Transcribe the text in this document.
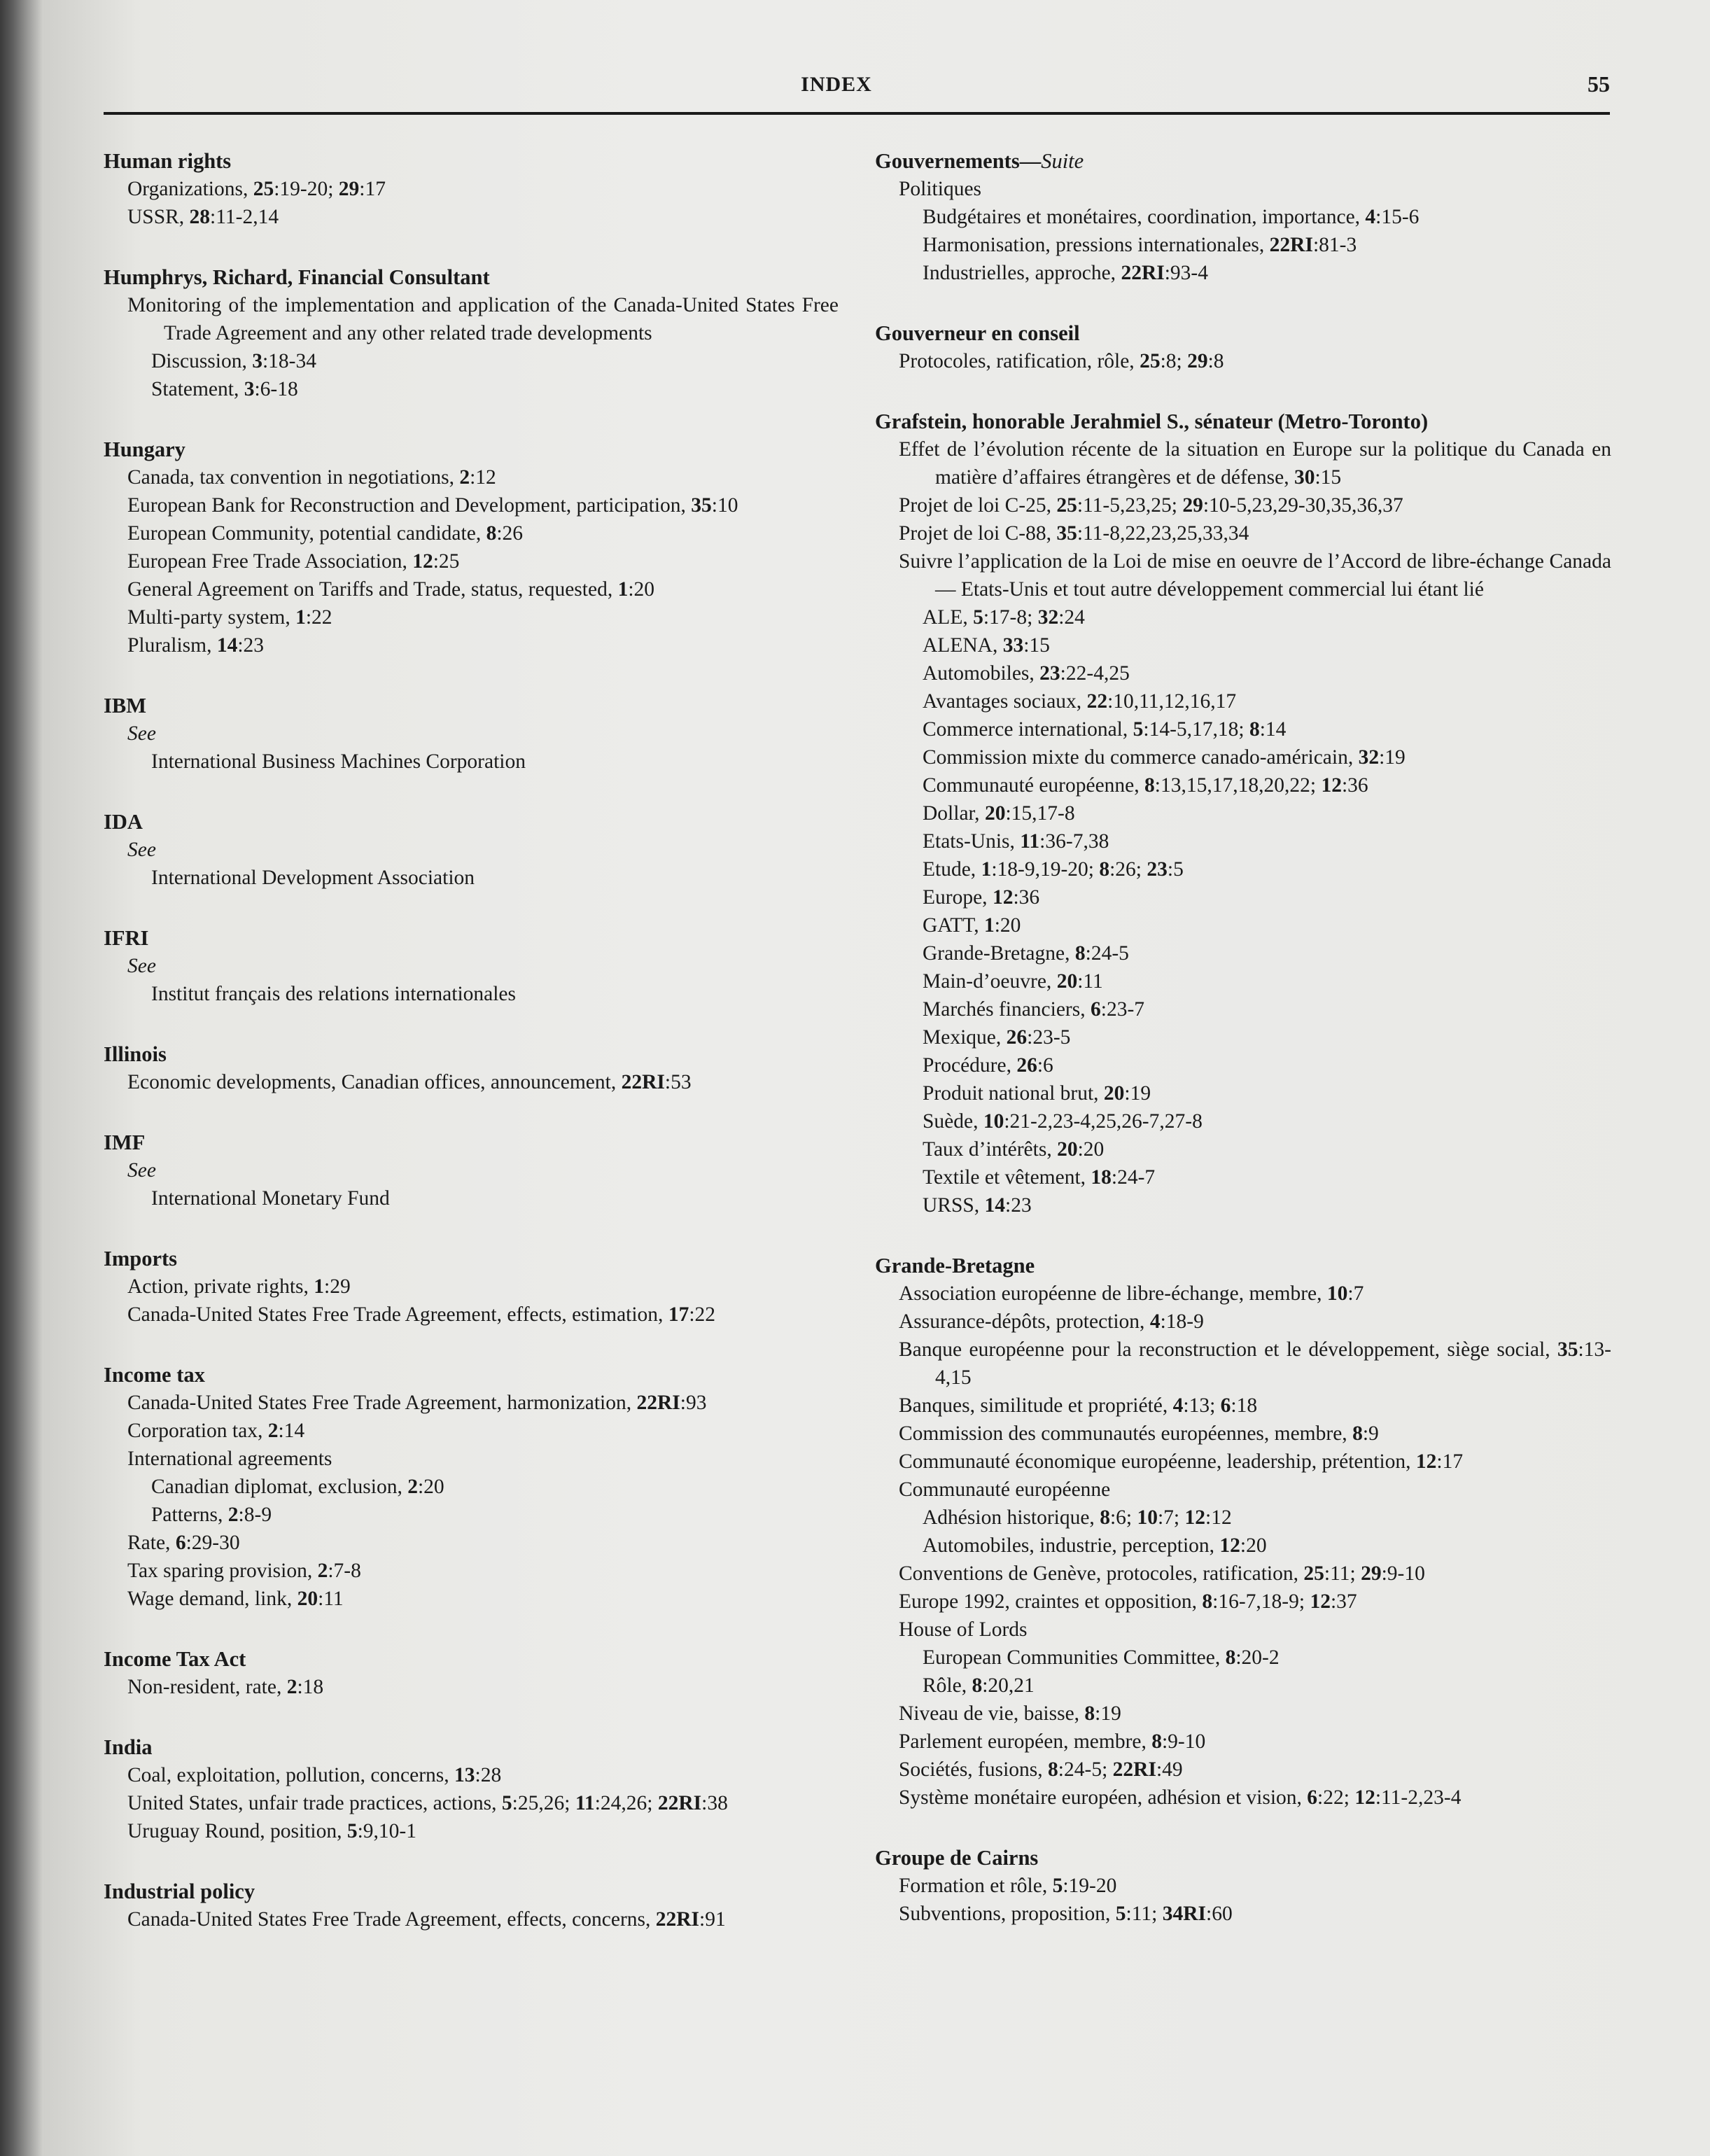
INDEX	55
Human rights
Organizations, 25:19-20; 29:17
USSR, 28:11-2,14
Humphrys, Richard, Financial Consultant
Monitoring of the implementation and application of the Canada-United States Free Trade Agreement and any other related trade developments
Discussion, 3:18-34
Statement, 3:6-18
Hungary
Canada, tax convention in negotiations, 2:12
European Bank for Reconstruction and Development, participation, 35:10
European Community, potential candidate, 8:26
European Free Trade Association, 12:25
General Agreement on Tariffs and Trade, status, requested, 1:20
Multi-party system, 1:22
Pluralism, 14:23
IBM
See
International Business Machines Corporation
IDA
See
International Development Association
IFRI
See
Institut français des relations internationales
Illinois
Economic developments, Canadian offices, announcement, 22RI:53
IMF
See
International Monetary Fund
Imports
Action, private rights, 1:29
Canada-United States Free Trade Agreement, effects, estimation, 17:22
Income tax
Canada-United States Free Trade Agreement, harmonization, 22RI:93
Corporation tax, 2:14
International agreements
Canadian diplomat, exclusion, 2:20
Patterns, 2:8-9
Rate, 6:29-30
Tax sparing provision, 2:7-8
Wage demand, link, 20:11
Income Tax Act
Non-resident, rate, 2:18
India
Coal, exploitation, pollution, concerns, 13:28
United States, unfair trade practices, actions, 5:25,26; 11:24,26; 22RI:38
Uruguay Round, position, 5:9,10-1
Industrial policy
Canada-United States Free Trade Agreement, effects, concerns, 22RI:91
Gouvernements—Suite
Politiques
Budgétaires et monétaires, coordination, importance, 4:15-6
Harmonisation, pressions internationales, 22RI:81-3
Industrielles, approche, 22RI:93-4
Gouverneur en conseil
Protocoles, ratification, rôle, 25:8; 29:8
Grafstein, honorable Jerahmiel S., sénateur (Metro-Toronto)
Effet de l’évolution récente de la situation en Europe sur la politique du Canada en matière d’affaires étrangères et de défense, 30:15
Projet de loi C-25, 25:11-5,23,25; 29:10-5,23,29-30,35,36,37
Projet de loi C-88, 35:11-8,22,23,25,33,34
Suivre l’application de la Loi de mise en oeuvre de l’Accord de libre-échange Canada — Etats-Unis et tout autre développement commercial lui étant lié
ALE, 5:17-8; 32:24
ALENA, 33:15
Automobiles, 23:22-4,25
Avantages sociaux, 22:10,11,12,16,17
Commerce international, 5:14-5,17,18; 8:14
Commission mixte du commerce canado-américain, 32:19
Communauté européenne, 8:13,15,17,18,20,22; 12:36
Dollar, 20:15,17-8
Etats-Unis, 11:36-7,38
Etude, 1:18-9,19-20; 8:26; 23:5
Europe, 12:36
GATT, 1:20
Grande-Bretagne, 8:24-5
Main-d’oeuvre, 20:11
Marchés financiers, 6:23-7
Mexique, 26:23-5
Procédure, 26:6
Produit national brut, 20:19
Suède, 10:21-2,23-4,25,26-7,27-8
Taux d’intérêts, 20:20
Textile et vêtement, 18:24-7
URSS, 14:23
Grande-Bretagne
Association européenne de libre-échange, membre, 10:7
Assurance-dépôts, protection, 4:18-9
Banque européenne pour la reconstruction et le développement, siège social, 35:13-4,15
Banques, similitude et propriété, 4:13; 6:18
Commission des communautés européennes, membre, 8:9
Communauté économique européenne, leadership, prétention, 12:17
Communauté européenne
Adhésion historique, 8:6; 10:7; 12:12
Automobiles, industrie, perception, 12:20
Conventions de Genève, protocoles, ratification, 25:11; 29:9-10
Europe 1992, craintes et opposition, 8:16-7,18-9; 12:37
House of Lords
European Communities Committee, 8:20-2
Rôle, 8:20,21
Niveau de vie, baisse, 8:19
Parlement européen, membre, 8:9-10
Sociétés, fusions, 8:24-5; 22RI:49
Système monétaire européen, adhésion et vision, 6:22; 12:11-2,23-4
Groupe de Cairns
Formation et rôle, 5:19-20
Subventions, proposition, 5:11; 34RI:60
